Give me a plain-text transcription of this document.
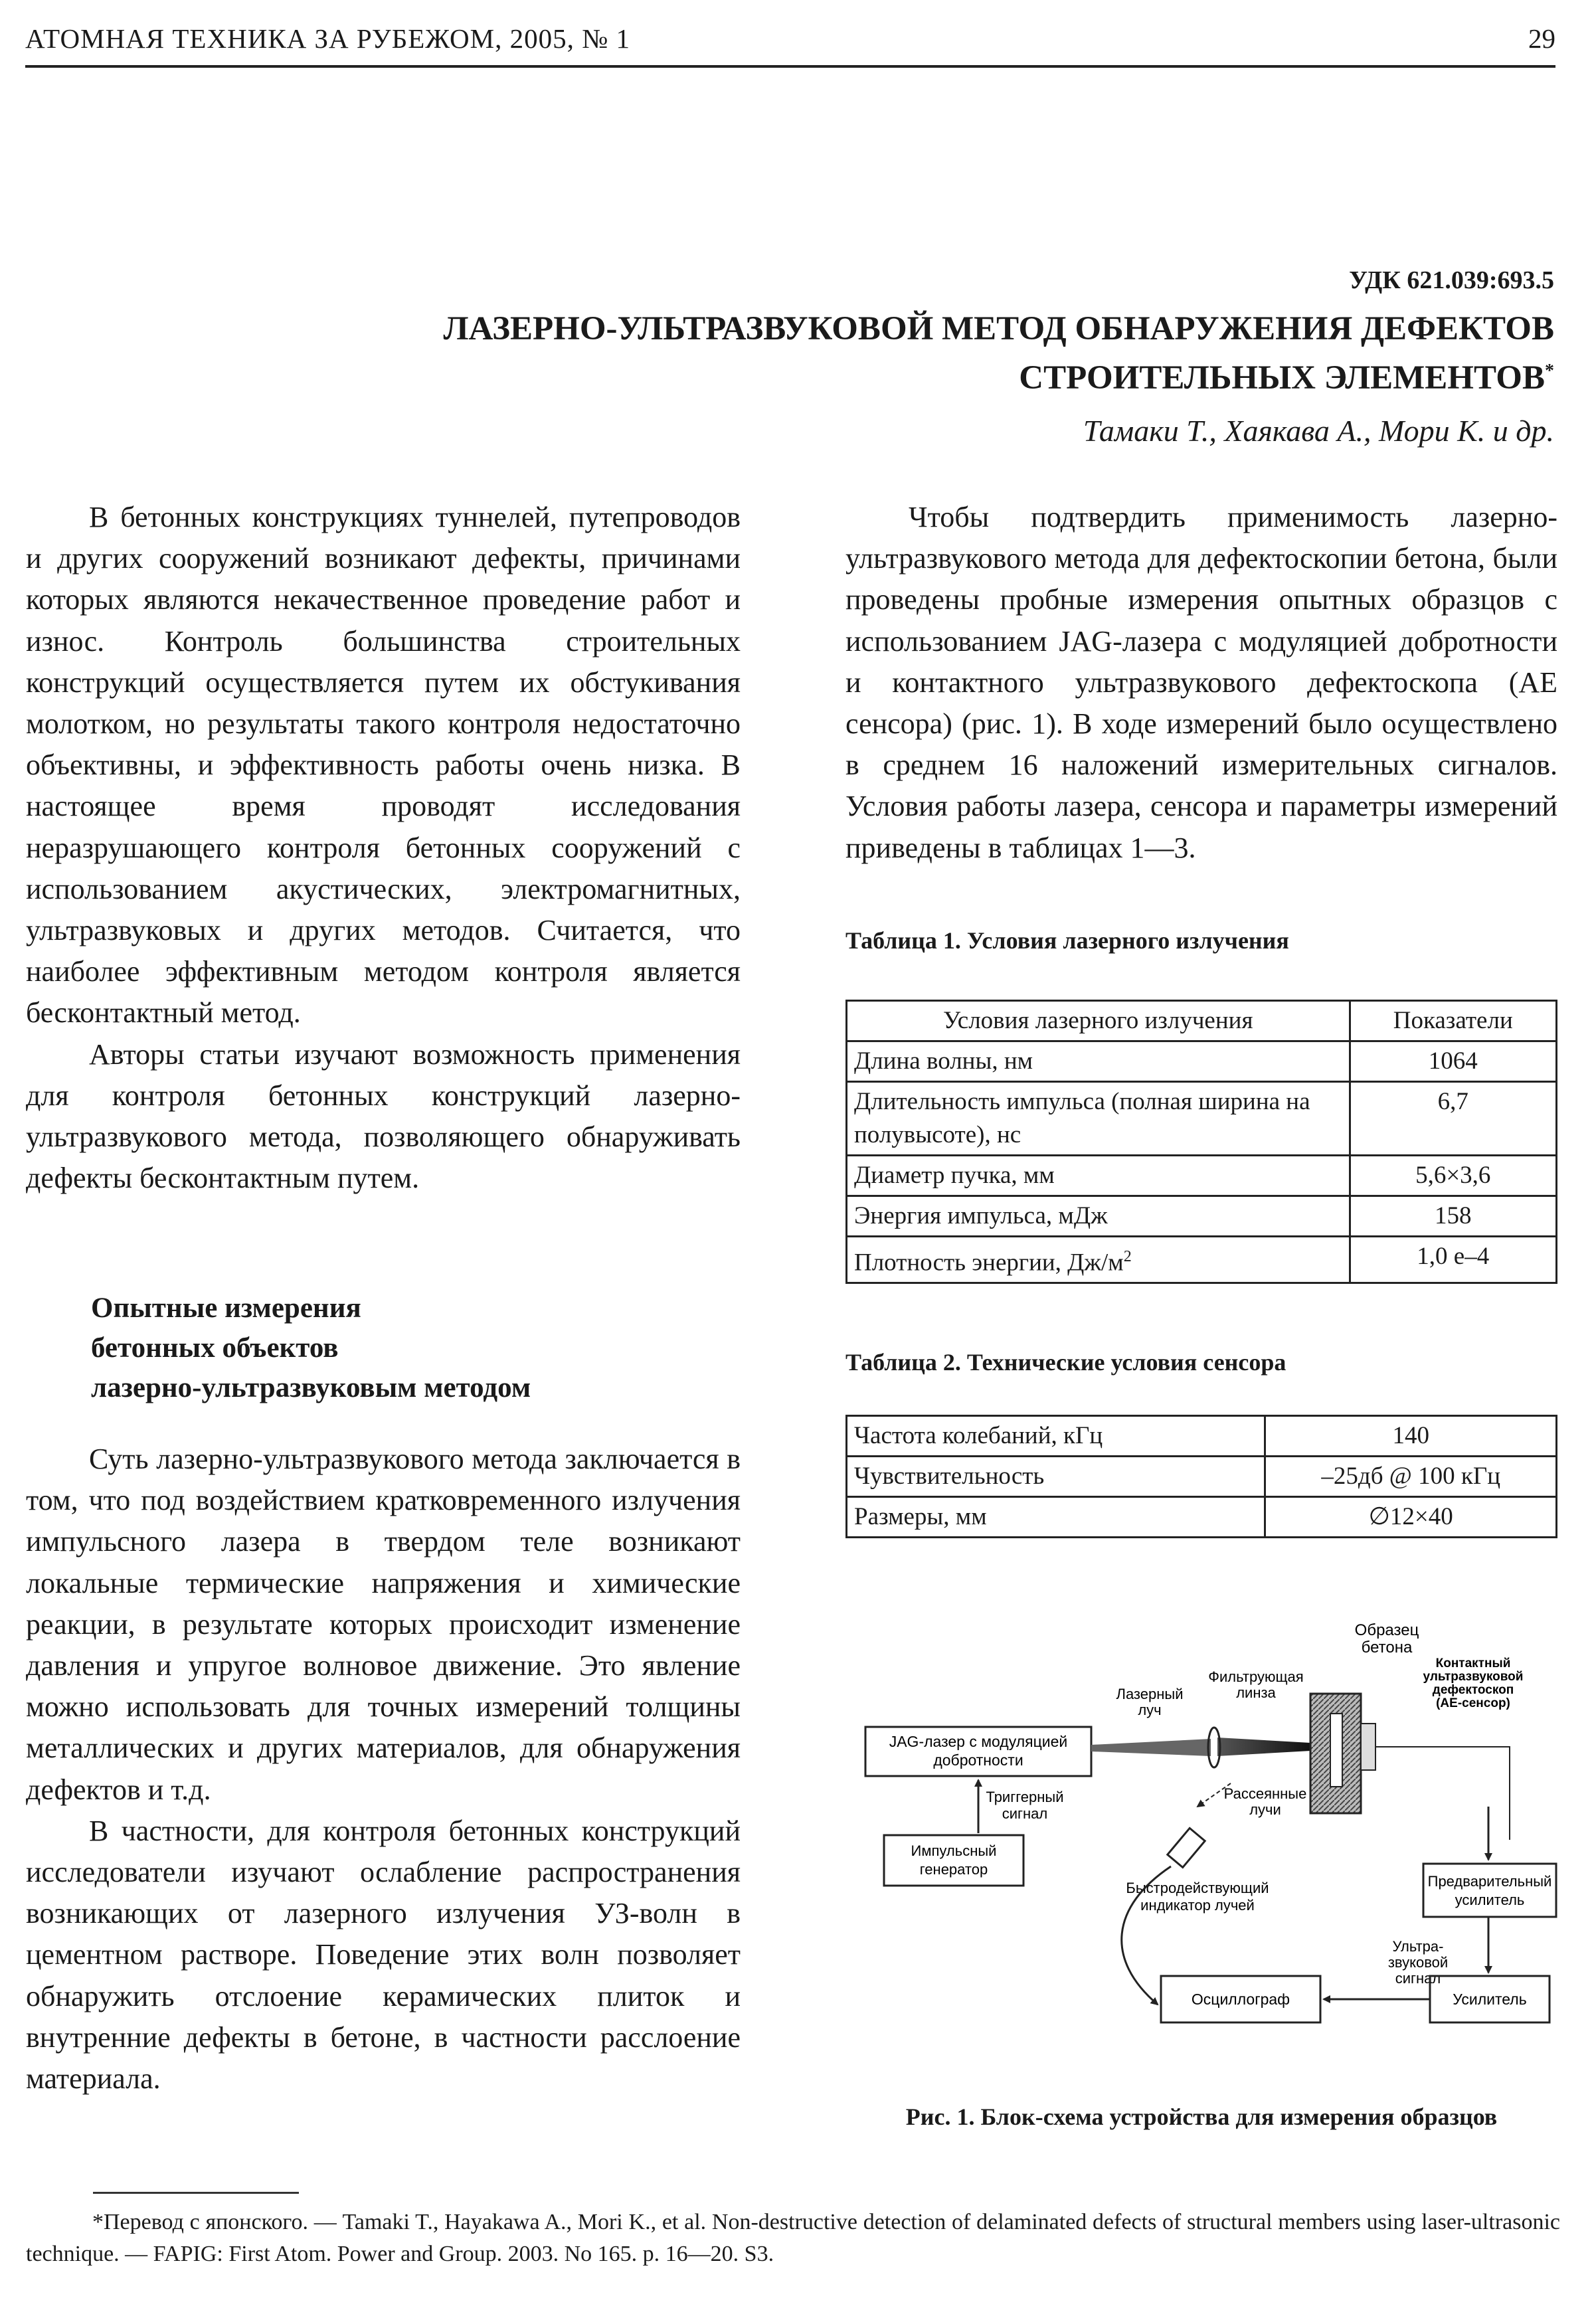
АТОМНАЯ ТЕХНИКА ЗА РУБЕЖОМ, 2005, № 1	29
УДК 621.039:693.5
ЛАЗЕРНО-УЛЬТРАЗВУКОВОЙ МЕТОД ОБНАРУЖЕНИЯ ДЕФЕКТОВ
СТРОИТЕЛЬНЫХ ЭЛЕМЕНТОВ*
Тамаки Т., Хаякава А., Мори К. и др.

В бетонных конструкциях туннелей, путепроводов и других сооружений возникают дефекты, причинами которых являются некачественное проведение работ и износ. Контроль большинства строительных конструкций осуществляется путем их обстукивания молотком, но результаты такого контроля недостаточно объективны, и эффективность работы очень низка. В настоящее время проводят исследования неразрушающего контроля бетонных сооружений с использованием акустических, электромагнитных, ультразвуковых и других методов. Считается, что наиболее эффективным методом контроля является бесконтактный метод.

Авторы статьи изучают возможность применения для контроля бетонных конструкций лазерно-ультразвукового метода, позволяющего обнаруживать дефекты бесконтактным путем.

Опытные измерения
бетонных объектов
лазерно-ультразвуковым методом

Суть лазерно-ультразвукового метода заключается в том, что под воздействием кратковременного излучения импульсного лазера в твердом теле возникают локальные термические напряжения и химические реакции, в результате которых происходит изменение давления и упругое волновое движение. Это явление можно использовать для точных измерений толщины металлических и других материалов, для обнаружения дефектов и т.д.

В частности, для контроля бетонных конструкций исследователи изучают ослабление распространения возникающих от лазерного излучения УЗ-волн в цементном растворе. Поведение этих волн позволяет обнаружить отслоение керамических плиток и внутренние дефекты в бетоне, в частности расслоение материала.

Чтобы подтвердить применимость лазерно-ультразвукового метода для дефектоскопии бетона, были проведены пробные измерения опытных образцов с использованием JAG-лазера с модуляцией добротности и контактного ультразвукового дефектоскопа (АЕ сенсора) (рис. 1). В ходе измерений было осуществлено в среднем 16 наложений измерительных сигналов. Условия работы лазера, сенсора и параметры измерений приведены в таблицах 1—3.

Таблица 1. Условия лазерного излучения
Условия лазерного излучения	Показатели
Длина волны, нм	1064
Длительность импульса (полная ширина на полувысоте), нс	6,7
Диаметр пучка, мм	5,6×3,6
Энергия импульса, мДж	158
Плотность энергии, $Дж/м^2$	1,0 е–4
Таблица 2. Технические условия сенсора
Частота колебаний, кГц	140
Чувствительность	–25дб @ 100 кГц
Размеры, мм	∅12×40
Образец
бетона
Фильтрующая
линза
Лазерный
луч
JAG-лазер с модуляцией
добротности
Контактный
ультразвуковой
дефектоскоп
(АЕ-сенсор)
Триггерный
сигнал
Рассеянные
лучи
Импульсный
генератор
Быстродействующий
индикатор лучей
Предварительный
усилитель
Ультра-
звуковой
сигнал
Усилитель
Осциллограф
Рис. 1. Блок-схема устройства для измерения образцов
*Перевод с японского. — Tamaki T., Hayakawa A., Mori K., et al. Non-destructive detection of delaminated defects of structural members using laser-ultrasonic technique. — FAPIG: First Atom. Power and Group. 2003. No 165. p. 16—20. S3.
